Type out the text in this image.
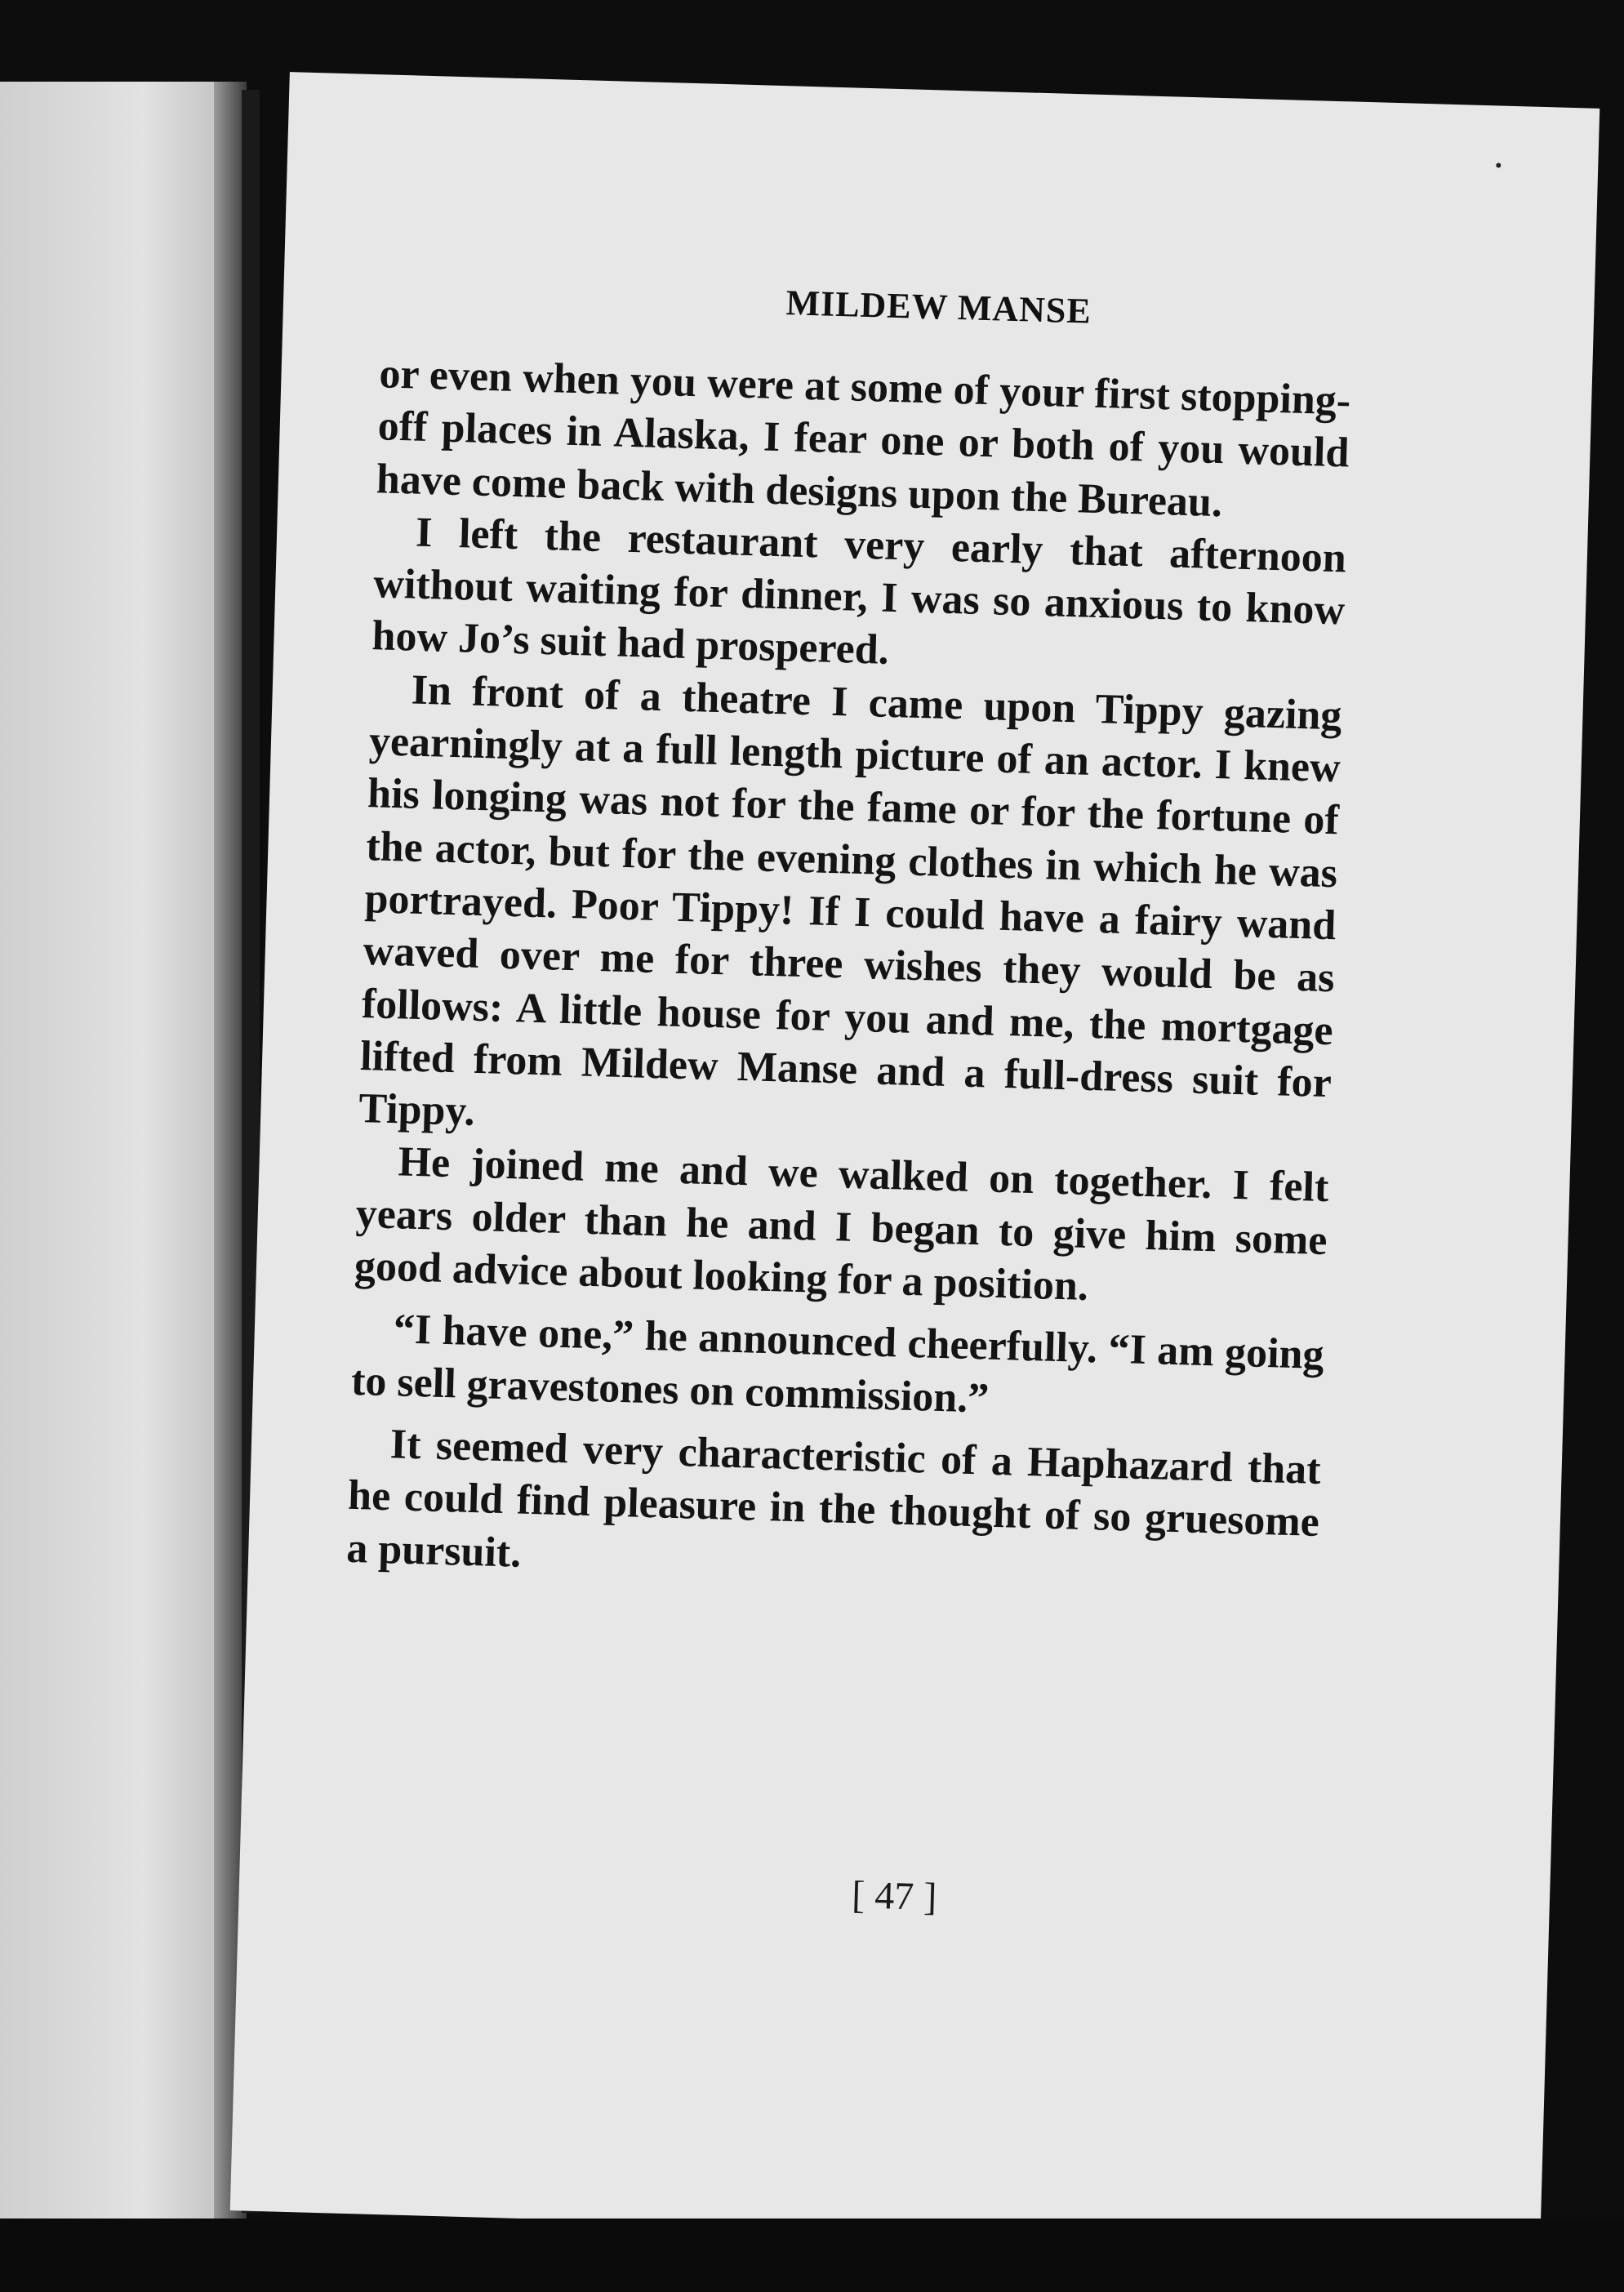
MILDEW MANSE

or even when you were at some of your first stopping-off places in Alaska, I fear one or both of you would have come back with designs upon the Bureau.

I left the restaurant very early that afternoon without waiting for dinner, I was so anxious to know how Jo’s suit had prospered.

In front of a theatre I came upon Tippy gazing yearningly at a full length picture of an actor. I knew his longing was not for the fame or for the fortune of the actor, but for the evening clothes in which he was portrayed. Poor Tippy! If I could have a fairy wand waved over me for three wishes they would be as follows: A little house for you and me, the mortgage lifted from Mildew Manse and a full-dress suit for Tippy.

He joined me and we walked on together. I felt years older than he and I began to give him some good advice about looking for a position.

“I have one,” he announced cheerfully. “I am going to sell gravestones on commission.”

It seemed very characteristic of a Haphazard that he could find pleasure in the thought of so gruesome a pursuit.

[ 47 ]
